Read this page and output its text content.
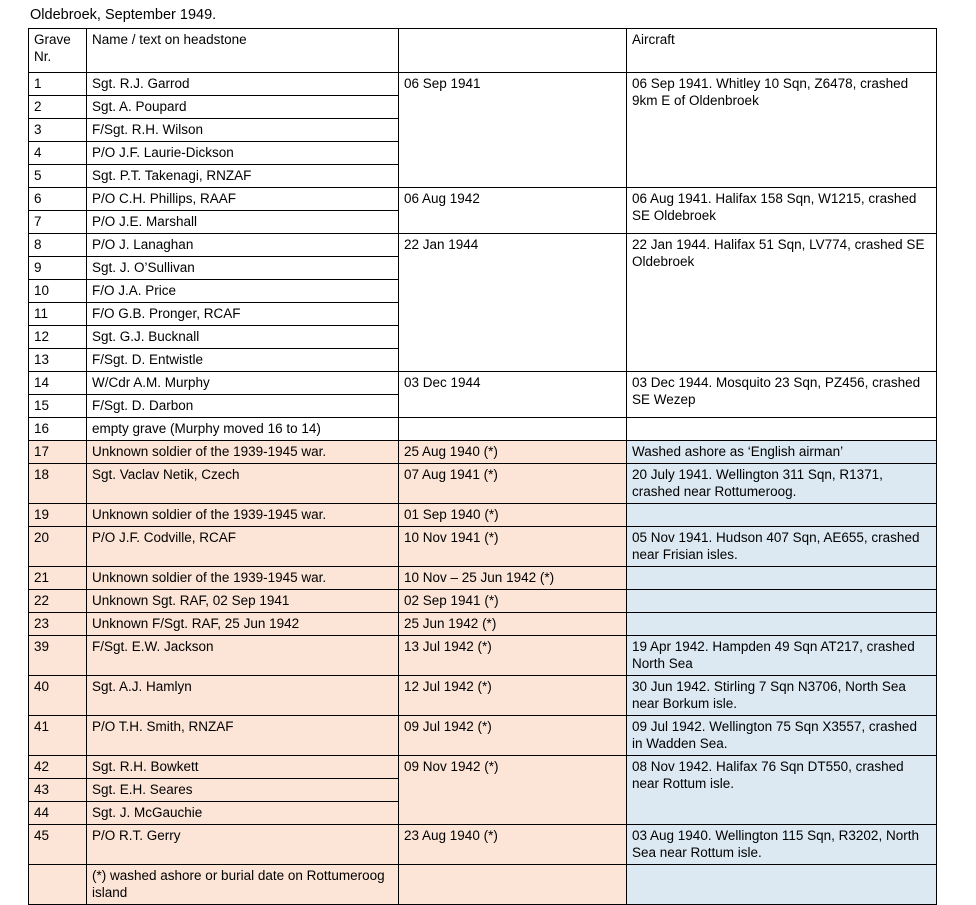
Oldebroek, September 1949.

Grave Nr.	Name / text on headstone		Aircraft
1	Sgt. R.J. Garrod	06 Sep 1941	06 Sep 1941. Whitley 10 Sqn, Z6478, crashed 9km E of Oldenbroek
2	Sgt. A. Poupard		
3	F/Sgt. R.H. Wilson		
4	P/O J.F. Laurie-Dickson		
5	Sgt. P.T. Takenagi, RNZAF		
6	P/O C.H. Phillips, RAAF	06 Aug 1942	06 Aug 1941. Halifax 158 Sqn, W1215, crashed SE Oldebroek
7	P/O J.E. Marshall		
8	P/O J. Lanaghan	22 Jan 1944	22 Jan 1944. Halifax 51 Sqn, LV774, crashed SE Oldebroek
9	Sgt. J. O’Sullivan		
10	F/O J.A. Price		
11	F/O G.B. Pronger, RCAF		
12	Sgt. G.J. Bucknall		
13	F/Sgt. D. Entwistle		
14	W/Cdr A.M. Murphy	03 Dec 1944	03 Dec 1944. Mosquito 23 Sqn, PZ456, crashed SE Wezep
15	F/Sgt. D. Darbon		
16	empty grave (Murphy moved 16 to 14)		
17	Unknown soldier of the 1939-1945 war.	25 Aug 1940 (*)	Washed ashore as ‘English airman’
18	Sgt. Vaclav Netik, Czech	07 Aug 1941 (*)	20 July 1941. Wellington 311 Sqn, R1371, crashed near Rottumeroog.
19	Unknown soldier of the 1939-1945 war.	01 Sep 1940 (*)	
20	P/O J.F. Codville, RCAF	10 Nov 1941 (*)	05 Nov 1941. Hudson 407 Sqn, AE655, crashed near Frisian isles.
21	Unknown soldier of the 1939-1945 war.	10 Nov – 25 Jun 1942 (*)	
22	Unknown Sgt. RAF, 02 Sep 1941	02 Sep 1941 (*)	
23	Unknown F/Sgt. RAF, 25 Jun 1942	25 Jun 1942 (*)	
39	F/Sgt. E.W. Jackson	13 Jul 1942 (*)	19 Apr 1942. Hampden 49 Sqn AT217, crashed North Sea
40	Sgt. A.J. Hamlyn	12 Jul 1942 (*)	30 Jun 1942. Stirling 7 Sqn N3706, North Sea near Borkum isle.
41	P/O T.H. Smith, RNZAF	09 Jul 1942 (*)	09 Jul 1942. Wellington 75 Sqn X3557, crashed in Wadden Sea.
42	Sgt. R.H. Bowkett	09 Nov 1942 (*)	08 Nov 1942. Halifax 76 Sqn DT550, crashed near Rottum isle.
43	Sgt. E.H. Seares		
44	Sgt. J. McGauchie		
45	P/O R.T. Gerry	23 Aug 1940 (*)	03 Aug 1940. Wellington 115 Sqn, R3202, North Sea near Rottum isle.
	(*) washed ashore or burial date on Rottumeroog island		
